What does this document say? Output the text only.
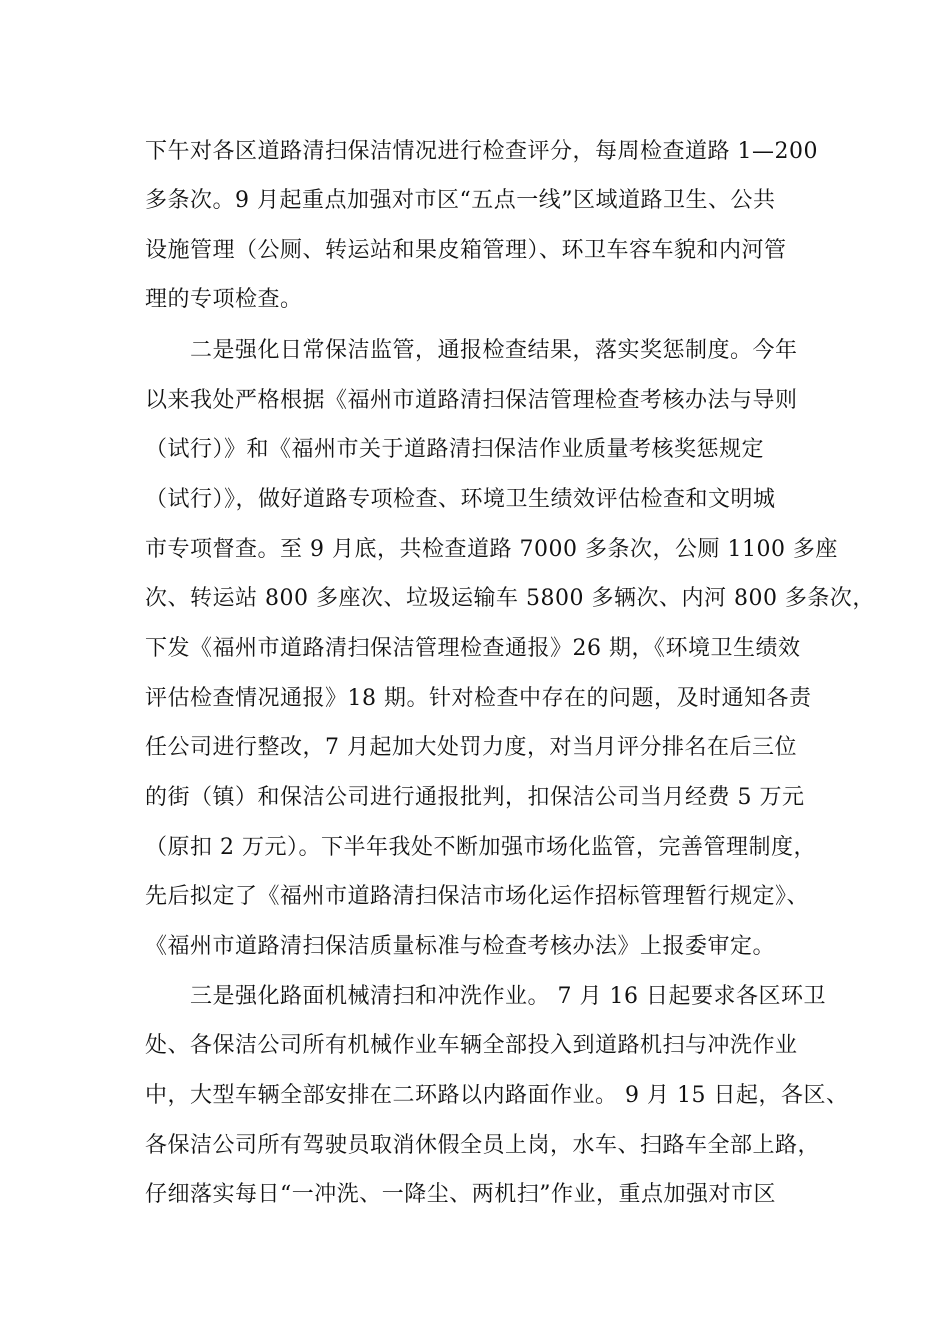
下午对各区道路清扫保洁情况进行检查评分，每周检查道路 1—200
多条次。9 月起重点加强对市区“五点一线”区域道路卫生、公共
设施管理（公厕、转运站和果皮箱管理）、环卫车容车貌和内河管
理的专项检查。
二是强化日常保洁监管，通报检查结果，落实奖惩制度。今年
以来我处严格根据《福州市道路清扫保洁管理检查考核办法与导则
（试行）》和《福州市关于道路清扫保洁作业质量考核奖惩规定
（试行）》，做好道路专项检查、环境卫生绩效评估检查和文明城
市专项督查。至 9 月底，共检查道路 7000 多条次，公厕 1100 多座
次、转运站 800 多座次、垃圾运输车 5800 多辆次、内河 800 多条次，
下发《福州市道路清扫保洁管理检查通报》26 期，《环境卫生绩效
评估检查情况通报》18 期。针对检查中存在的问题，及时通知各责
任公司进行整改，7 月起加大处罚力度，对当月评分排名在后三位
的街（镇）和保洁公司进行通报批判，扣保洁公司当月经费 5 万元
（原扣 2 万元）。下半年我处不断加强市场化监管，完善管理制度，
先后拟定了《福州市道路清扫保洁市场化运作招标管理暂行规定》、
《福州市道路清扫保洁质量标准与检查考核办法》上报委审定。
三是强化路面机械清扫和冲洗作业。 7 月 16 日起要求各区环卫
处、各保洁公司所有机械作业车辆全部投入到道路机扫与冲洗作业
中，大型车辆全部安排在二环路以内路面作业。 9 月 15 日起，各区、
各保洁公司所有驾驶员取消休假全员上岗，水车、扫路车全部上路，
仔细落实每日“一冲洗、一降尘、两机扫”作业，重点加强对市区
